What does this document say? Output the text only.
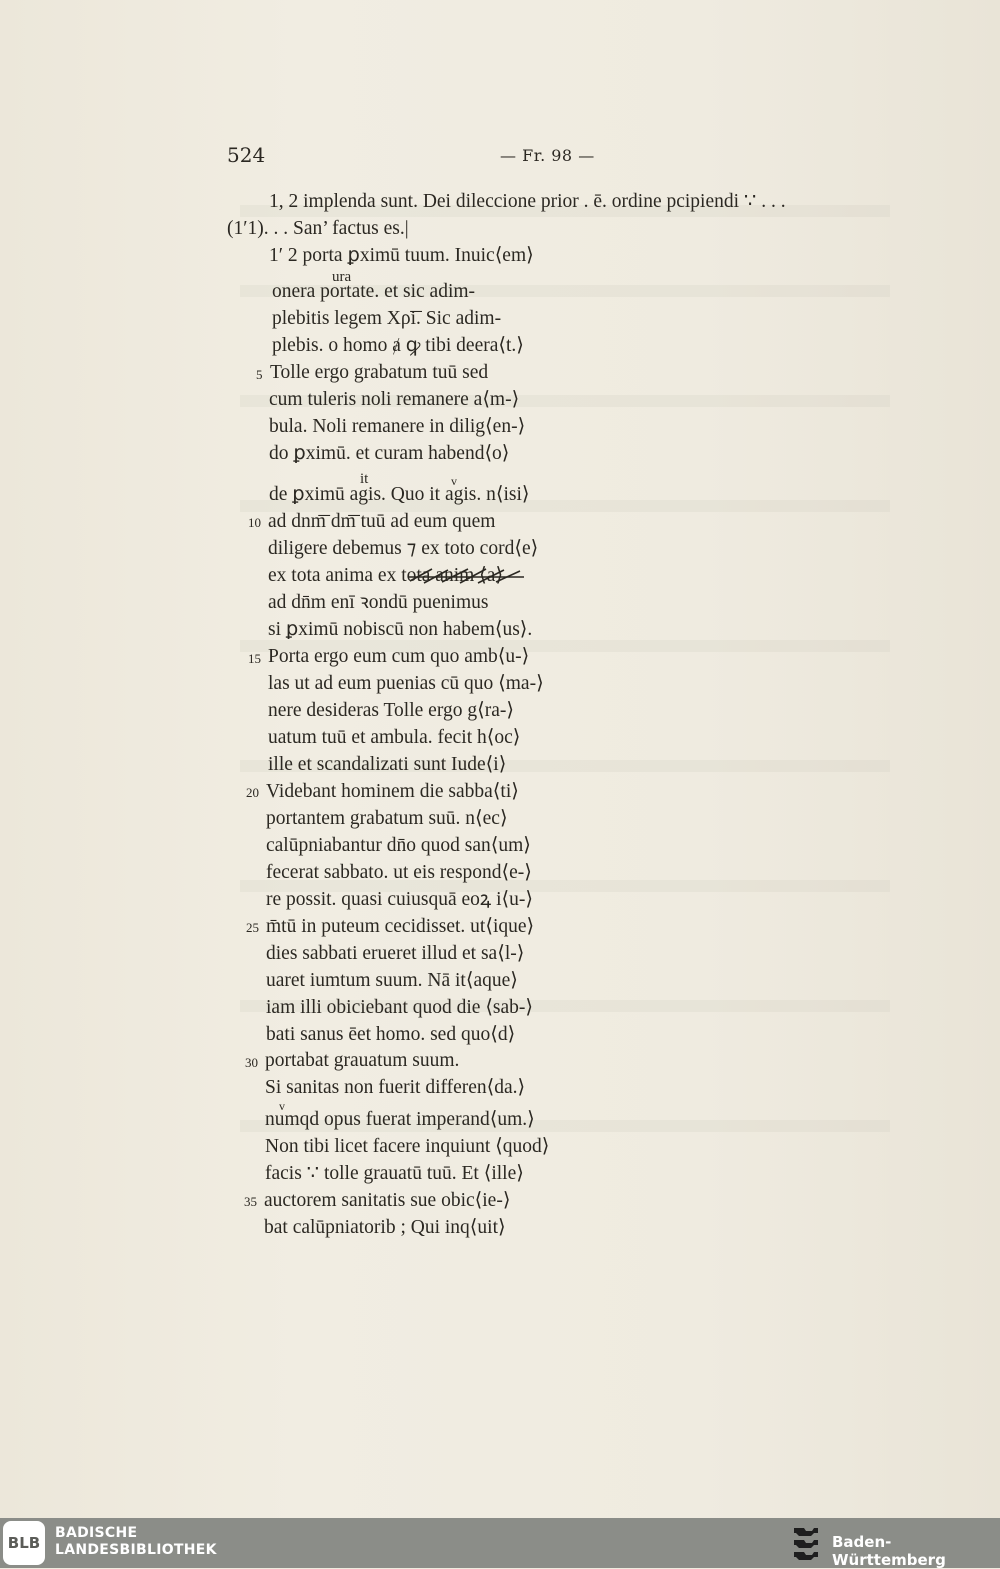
524	— Fr. 98 —
1, 2 implenda sunt. Dei dileccione prior . ē. ordine pcipiendi ∵ . . .
(1′1). . . San’ factus es.|
1′ 2 porta ꝑximū tuum. Inuic⟨em⟩
ura
onera portate. et sic adim-
plebitis legem Xρ͞i. Sic adim-
plebis. o homo ⱥ ꝙ tibi deera⟨t.⟩
5 Tolle ergo grabatum tuū sed
cum tuleris noli remanere a⟨m-⟩
bula. Noli remanere in dilig⟨en-⟩
do ꝑximū. et curam habend⟨o⟩
it	v
de ꝑximū agis. Quo it agis. n⟨isi⟩
10 ad dnm͞ dm͞ tuū ad eum quem
diligere debemus ⁊ ex toto cord⟨e⟩
ex tota anima ex tota anim ⟨a⟩
ad dn̄m enī ꝛondū puenimus
si ꝑximū nobiscū non habem⟨us⟩.
15 Porta ergo eum cum quo amb⟨u-⟩
las ut ad eum puenias cū quo ⟨ma-⟩
nere desideras Tolle ergo g⟨ra-⟩
uatum tuū et ambula. fecit h⟨oc⟩
ille et scandalizati sunt Iude⟨i⟩
20 Videbant hominem die sabba⟨ti⟩
portantem grabatum suū. n⟨ec⟩
calūpniabantur dn̄o quod san⟨um⟩
fecerat sabbato. ut eis respond⟨e-⟩
re possit. quasi cuiusquā eoꝝ i⟨u-⟩
25 m̄tū in puteum cecidisset. ut⟨ique⟩
dies sabbati erueret illud et sa⟨l-⟩
uaret iumtum suum. Nā it⟨aque⟩
iam illi obiciebant quod die ⟨sab-⟩
bati sanus ēet homo. sed quo⟨d⟩
30 portabat grauatum suum.
Si sanitas non fuerit differen⟨da.⟩
v
numqd opus fuerat imperand⟨um.⟩
Non tibi licet facere inquiunt ⟨quod⟩
facis ∵ tolle grauatū tuū. Et ⟨ille⟩
35 auctorem sanitatis sue obic⟨ie-⟩
bat calūpniatorib ; Qui inq⟨uit⟩
BLB
BADISCHE
LANDESBIBLIOTHEK	Baden-Württemberg
